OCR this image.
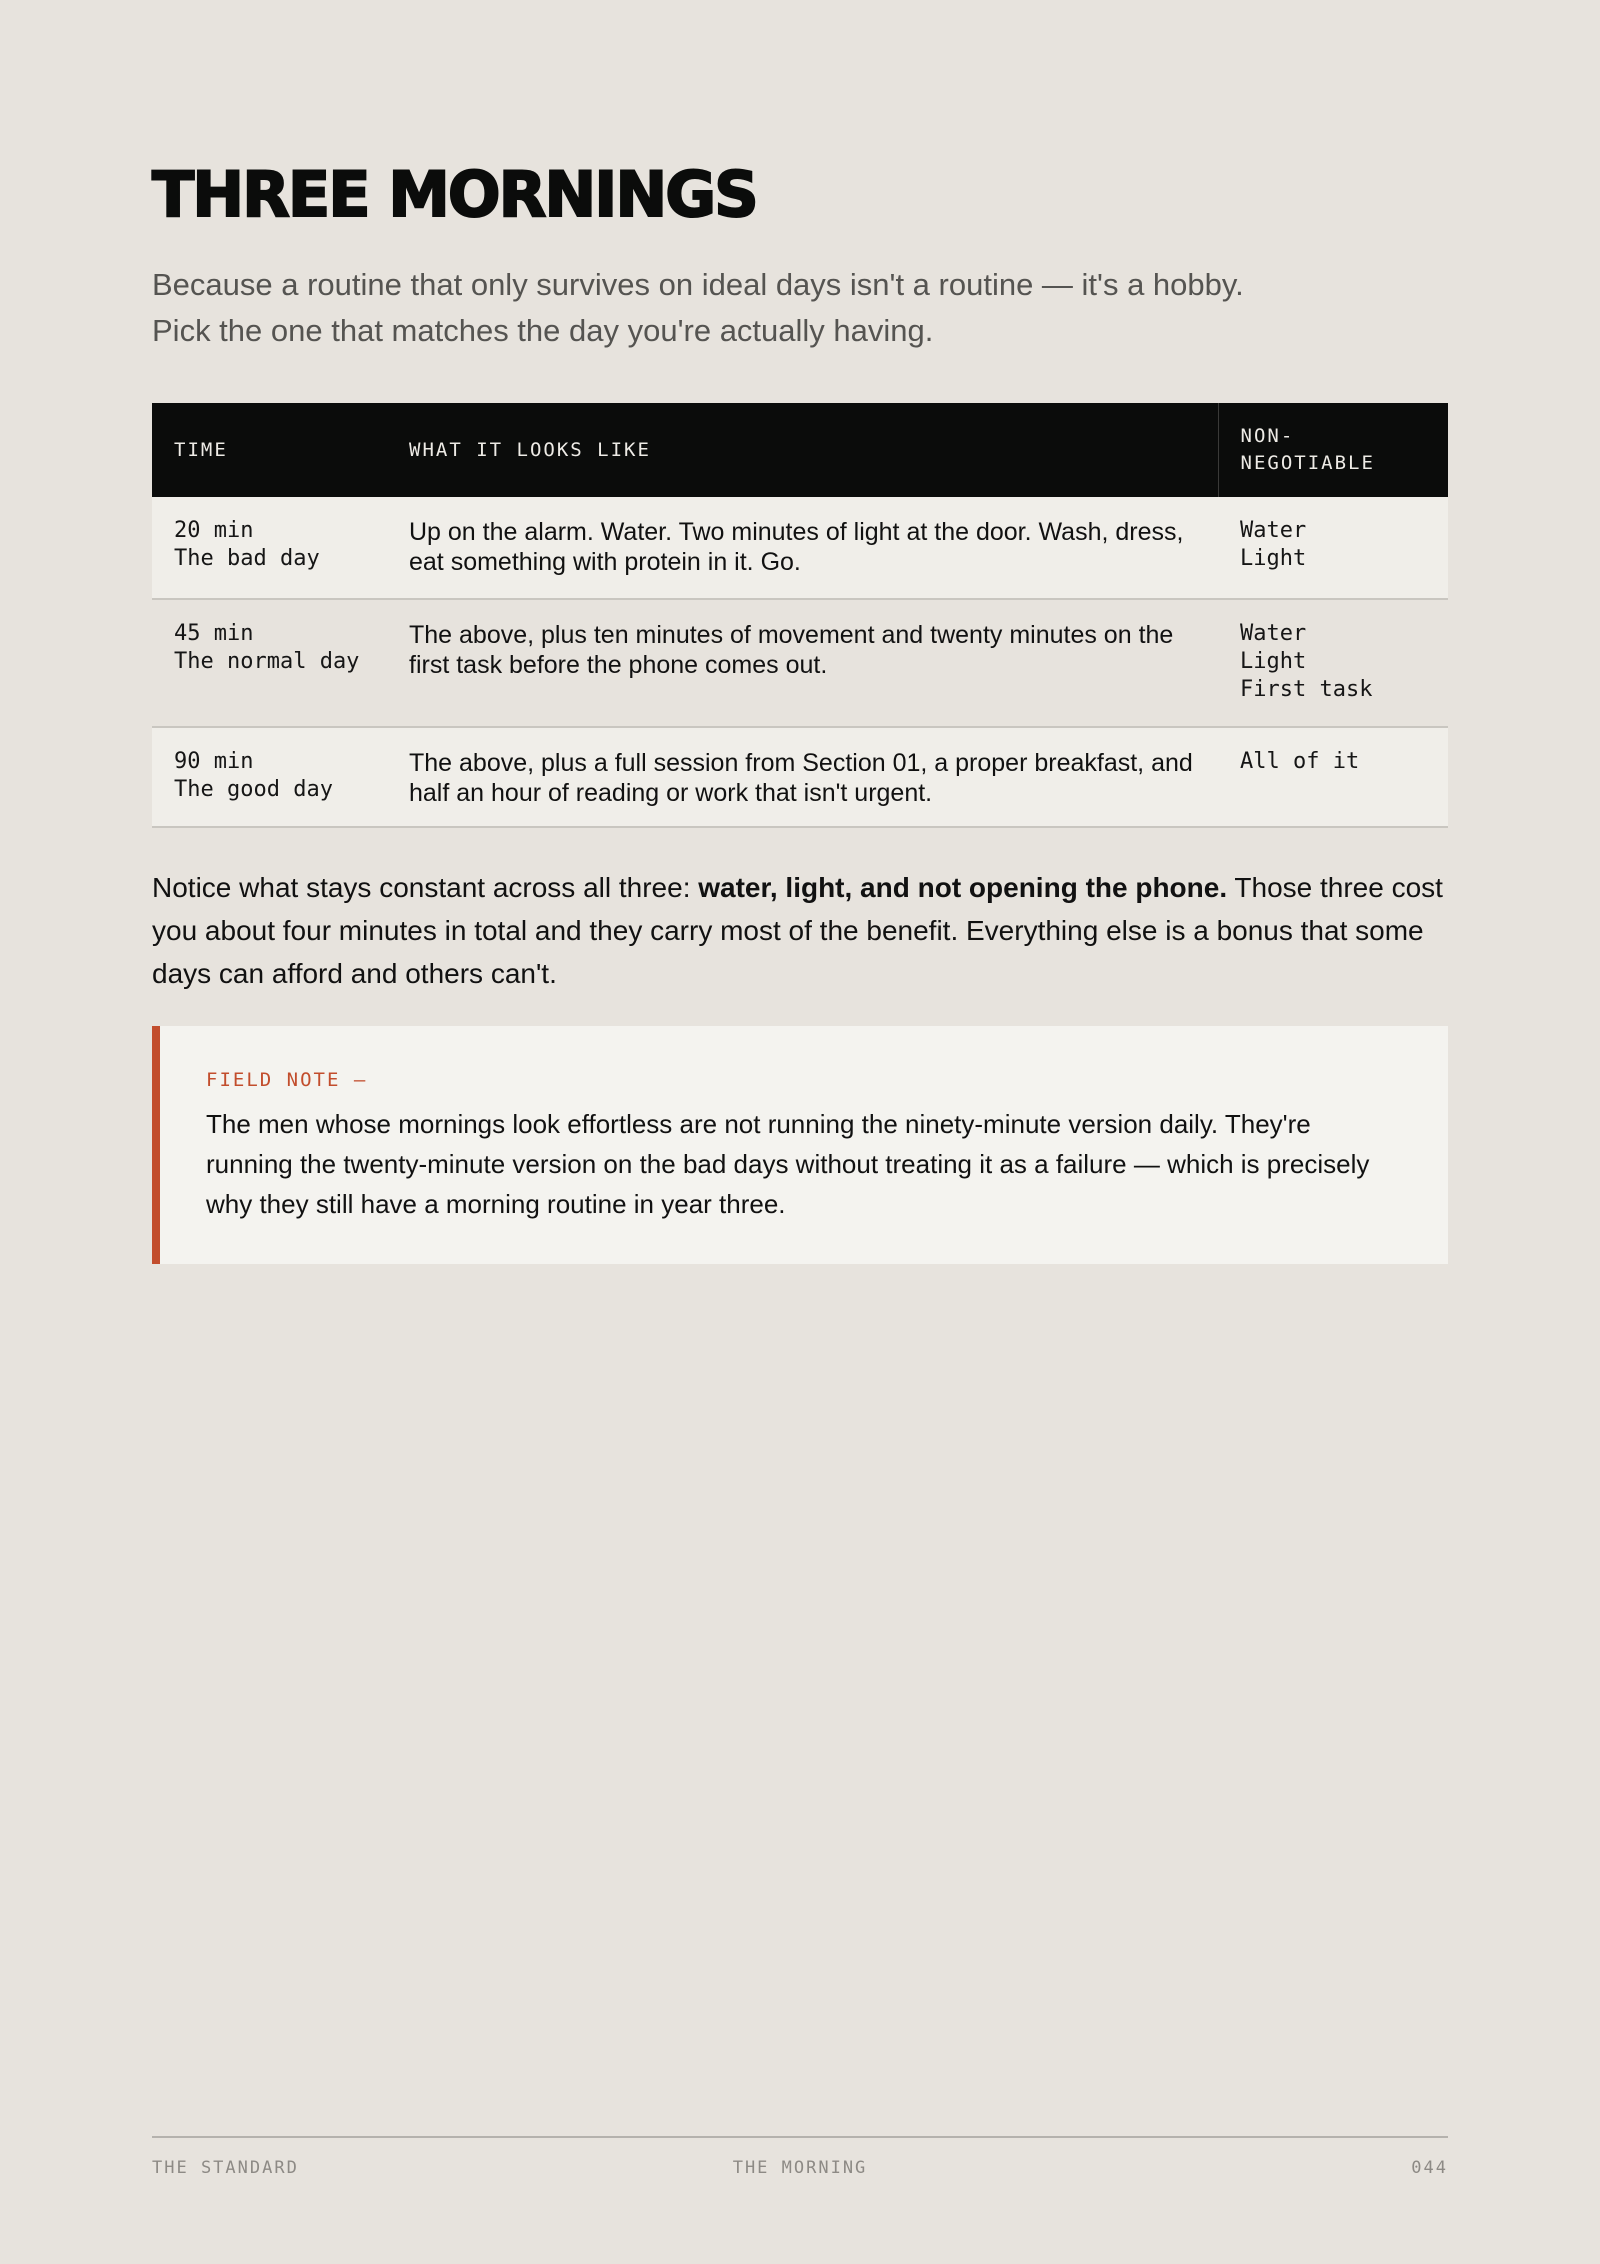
THREE MORNINGS

Because a routine that only survives on ideal days isn't a routine — it's a hobby. Pick the one that matches the day you're actually having.

TIME	WHAT IT LOOKS LIKE	NON-
NEGOTIABLE

20 min
The bad day	Up on the alarm. Water. Two minutes of light at the door. Wash, dress, eat something with protein in it. Go.	Water
Light

45 min
The normal day	The above, plus ten minutes of movement and twenty minutes on the first task before the phone comes out.	Water
Light
First task

90 min
The good day	The above, plus a full session from Section 01, a proper breakfast, and half an hour of reading or work that isn't urgent.	All of it

Notice what stays constant across all three: water, light, and not opening the phone. Those three cost you about four minutes in total and they carry most of the benefit. Everything else is a bonus that some days can afford and others can't.

FIELD NOTE —

The men whose mornings look effortless are not running the ninety-minute version daily. They're running the twenty-minute version on the bad days without treating it as a failure — which is precisely why they still have a morning routine in year three.

THE STANDARD	THE MORNING	044
